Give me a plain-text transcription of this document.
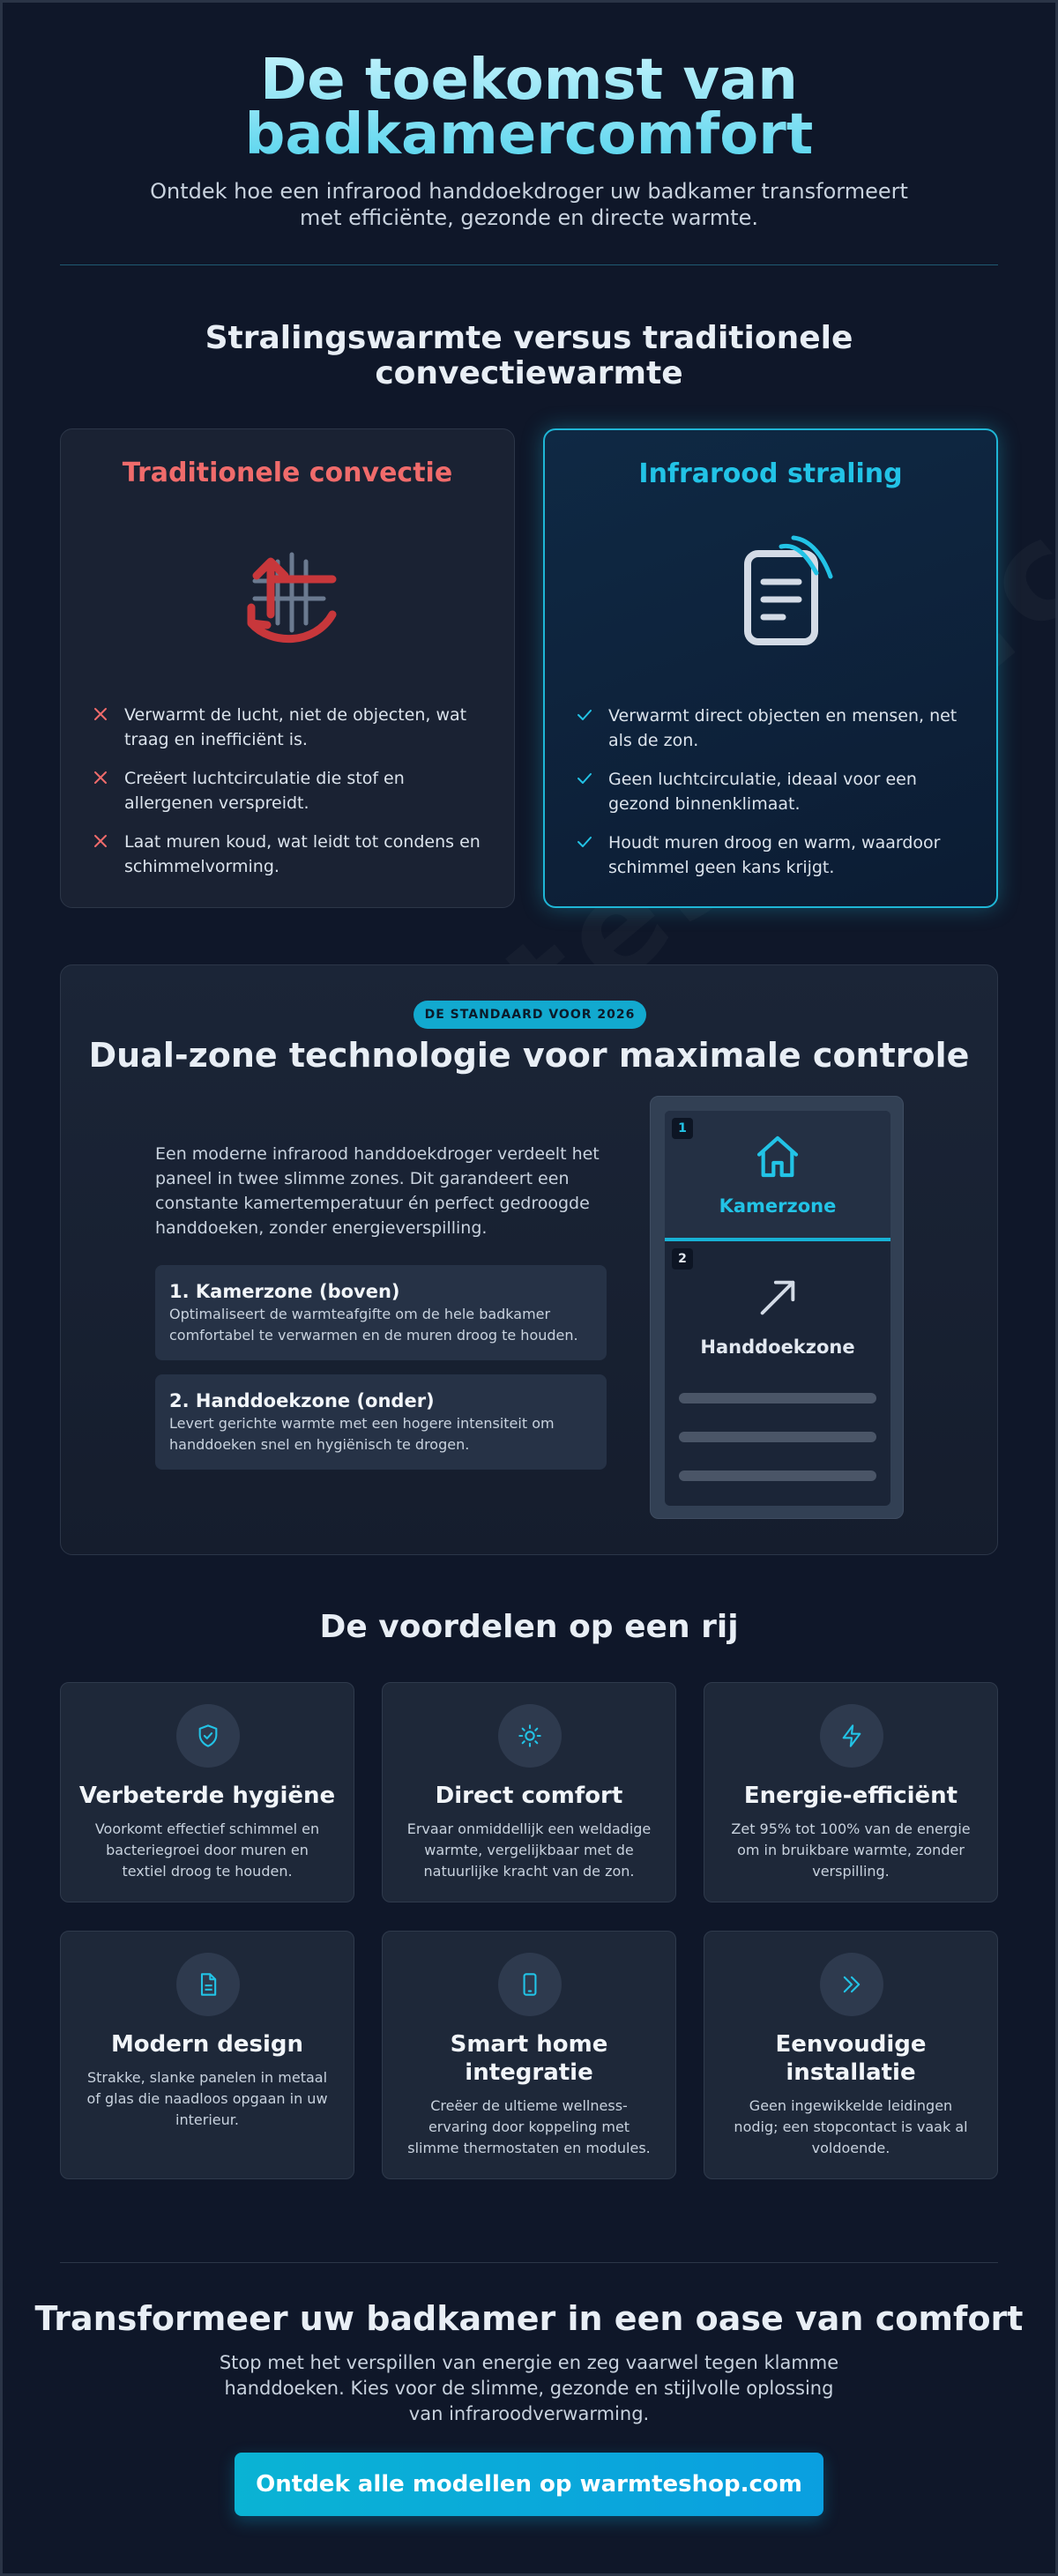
De toekomst van
badkamercomfort
Ontdek hoe een infrarood handdoekdroger uw badkamer transformeert met efficiënte, gezonde en directe warmte.
Stralingswarmte versus traditionele convectiewarmte
Traditionele convectie
Verwarmt de lucht, niet de objecten, wat traag en inefficiënt is.
Creëert luchtcirculatie die stof en allergenen verspreidt.
Laat muren koud, wat leidt tot condens en schimmelvorming.
Infrarood straling
Verwarmt direct objecten en mensen, net als de zon.
Geen luchtcirculatie, ideaal voor een gezond binnenklimaat.
Houdt muren droog en warm, waardoor schimmel geen kans krijgt.
DE STANDAARD VOOR 2026
Dual-zone technologie voor maximale controle
Een moderne infrarood handdoekdroger verdeelt het paneel in twee slimme zones. Dit garandeert een constante kamertemperatuur én perfect gedroogde handdoeken, zonder energieverspilling.
1. Kamerzone (boven)
Optimaliseert de warmteafgifte om de hele badkamer comfortabel te verwarmen en de muren droog te houden.
2. Handdoekzone (onder)
Levert gerichte warmte met een hogere intensiteit om handdoeken snel en hygiënisch te drogen.
1
Kamerzone
2
Handdoekzone
De voordelen op een rij
Verbeterde hygiëne
Voorkomt effectief schimmel en bacteriegroei door muren en textiel droog te houden.
Direct comfort
Ervaar onmiddellijk een weldadige warmte, vergelijkbaar met de natuurlijke kracht van de zon.
Energie-efficiënt
Zet 95% tot 100% van de energie om in bruikbare warmte, zonder verspilling.
Modern design
Strakke, slanke panelen in metaal of glas die naadloos opgaan in uw interieur.
Smart home integratie
Creëer de ultieme wellness-ervaring door koppeling met slimme thermostaten en modules.
Eenvoudige installatie
Geen ingewikkelde leidingen nodig; een stopcontact is vaak al voldoende.
Transformeer uw badkamer in een oase van comfort
Stop met het verspillen van energie en zeg vaarwel tegen klamme handdoeken. Kies voor de slimme, gezonde en stijlvolle oplossing van infraroodverwarming.
Ontdek alle modellen op warmteshop.com
